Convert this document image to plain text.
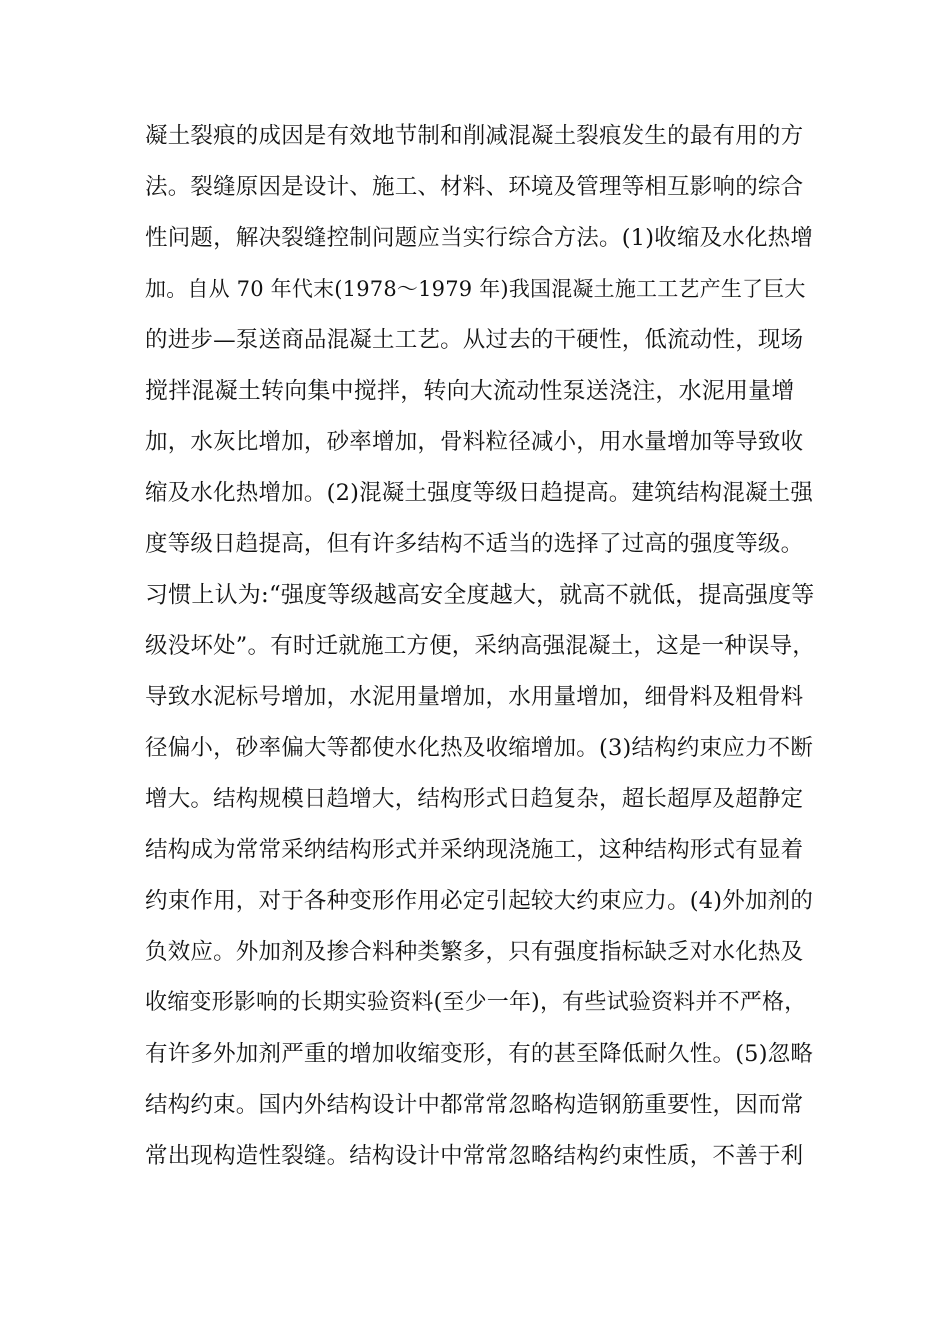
凝土裂痕的成因是有效地节制和削减混凝土裂痕发生的最有用的方
法。裂缝原因是设计、施工、材料、环境及管理等相互影响的综合
性问题，解决裂缝控制问题应当实行综合方法。(1)收缩及水化热增
加。自从 70 年代末(1978～1979 年)我国混凝土施工工艺产生了巨大
的进步—泵送商品混凝土工艺。从过去的干硬性，低流动性，现场
搅拌混凝土转向集中搅拌，转向大流动性泵送浇注，水泥用量增
加，水灰比增加，砂率增加，骨料粒径减小，用水量增加等导致收
缩及水化热增加。(2)混凝土强度等级日趋提高。建筑结构混凝土强
度等级日趋提高，但有许多结构不适当的选择了过高的强度等级。
习惯上认为:“强度等级越高安全度越大，就高不就低，提高强度等
级没坏处”。有时迁就施工方便，采纳高强混凝土，这是一种误导，
导致水泥标号增加，水泥用量增加，水用量增加，细骨料及粗骨料
径偏小，砂率偏大等都使水化热及收缩增加。(3)结构约束应力不断
增大。结构规模日趋增大，结构形式日趋复杂，超长超厚及超静定
结构成为常常采纳结构形式并采纳现浇施工，这种结构形式有显着
约束作用，对于各种变形作用必定引起较大约束应力。(4)外加剂的
负效应。外加剂及掺合料种类繁多，只有强度指标缺乏对水化热及
收缩变形影响的长期实验资料(至少一年)，有些试验资料并不严格，
有许多外加剂严重的增加收缩变形，有的甚至降低耐久性。(5)忽略
结构约束。国内外结构设计中都常常忽略构造钢筋重要性，因而常
常出现构造性裂缝。结构设计中常常忽略结构约束性质，不善于利
